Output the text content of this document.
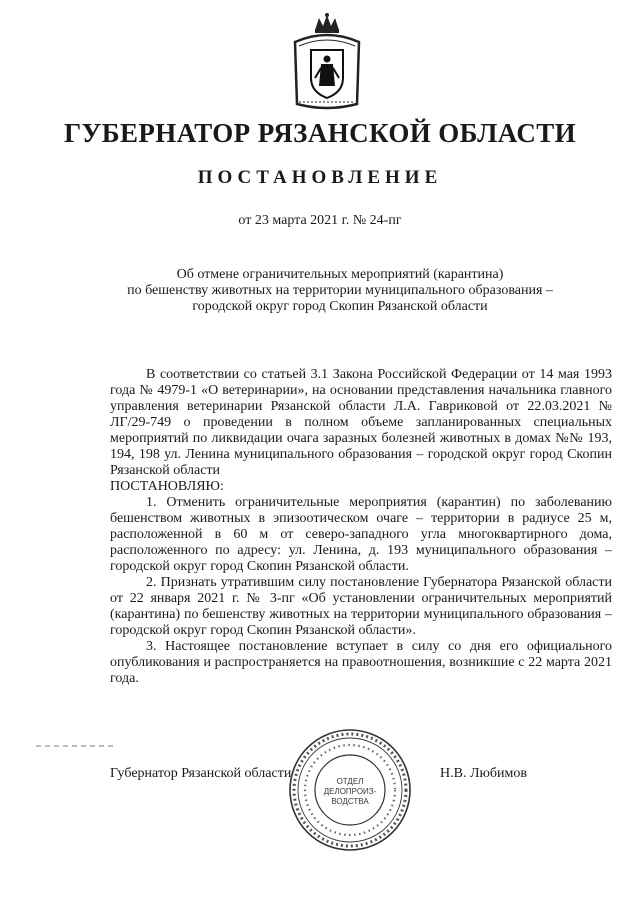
ГУБЕРНАТОР РЯЗАНСКОЙ ОБЛАСТИ
ПОСТАНОВЛЕНИЕ
от 23 марта 2021 г. № 24-пг
Об отмене ограничительных мероприятий (карантина)
по бешенству животных на территории муниципального образования –
городской округ город Скопин Рязанской области

В соответствии со статьей 3.1 Закона Российской Федерации от 14 мая 1993 года № 4979-1 «О ветеринарии», на основании представления начальника главного управления ветеринарии Рязанской области Л.А. Гавриковой от 22.03.2021 № ЛГ/29-749 о проведении в полном объеме запланированных специальных мероприятий по ликвидации очага заразных болезней животных в домах №№ 193, 194, 198 ул. Ленина муниципального образования – городской округ город Скопин Рязанской области

ПОСТАНОВЛЯЮ:

1. Отменить ограничительные мероприятия (карантин) по заболеванию бешенством животных в эпизоотическом очаге – территории в радиусе 25 м, расположенной в 60 м от северо-западного угла многоквартирного дома, расположенного по адресу: ул. Ленина, д. 193 муниципального образования – городской округ город Скопин Рязанской области.

2. Признать утратившим силу постановление Губернатора Рязанской области от 22 января 2021 г. № 3-пг «Об установлении ограничительных мероприятий (карантина) по бешенству животных на территории муниципального образования – городской округ город Скопин Рязанской области».

3. Настоящее постановление вступает в силу со дня его официального опубликования и распространяется на правоотношения, возникшие с 22 марта 2021 года.

ОТДЕЛ
ДЕЛОПРОИЗ-
ВОДСТВА
Губернатор Рязанской области	Н.В. Любимов
